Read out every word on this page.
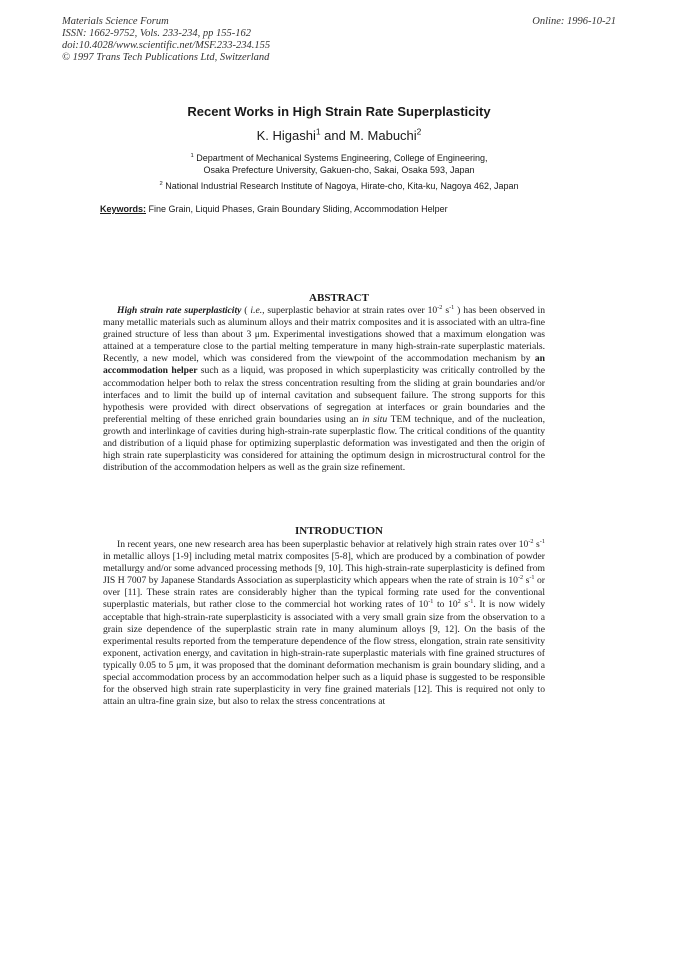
Materials Science Forum
ISSN: 1662-9752, Vols. 233-234, pp 155-162
doi:10.4028/www.scientific.net/MSF.233-234.155
© 1997 Trans Tech Publications Ltd, Switzerland
Online: 1996-10-21
Recent Works in High Strain Rate Superplasticity
K. Higashi$^1$ and M. Mabuchi$^2$
$^1$ Department of Mechanical Systems Engineering, College of Engineering,
Osaka Prefecture University, Gakuen-cho, Sakai, Osaka 593, Japan
$^2$ National Industrial Research Institute of Nagoya, Hirate-cho, Kita-ku, Nagoya 462, Japan
Keywords: Fine Grain, Liquid Phases, Grain Boundary Sliding, Accommodation Helper
ABSTRACT

High strain rate superplasticity ( i.e., superplastic behavior at strain rates over $10^{-2}$ $s^{-1}$ ) has been observed in many metallic materials such as aluminum alloys and their matrix composites and it is associated with an ultra-fine grained structure of less than about 3 μm. Experimental investigations showed that a maximum elongation was attained at a temperature close to the partial melting temperature in many high-strain-rate superplastic materials. Recently, a new model, which was considered from the viewpoint of the accommodation mechanism by an accommodation helper such as a liquid, was proposed in which superplasticity was critically controlled by the accommodation helper both to relax the stress concentration resulting from the sliding at grain boundaries and/or interfaces and to limit the build up of internal cavitation and subsequent failure. The strong supports for this hypothesis were provided with direct observations of segregation at interfaces or grain boundaries and the preferential melting of these enriched grain boundaries using an in situ TEM technique, and of the nucleation, growth and interlinkage of cavities during high-strain-rate superplastic flow. The critical conditions of the quantity and distribution of a liquid phase for optimizing superplastic deformation was investigated and then the origin of high strain rate superplasticity was considered for attaining the optimum design in microstructural control for the distribution of the accommodation helpers as well as the grain size refinement.

INTRODUCTION

In recent years, one new research area has been superplastic behavior at relatively high strain rates over $10^{-2}$ $s^{-1}$ in metallic alloys [1-9] including metal matrix composites [5-8], which are produced by a combination of powder metallurgy and/or some advanced processing methods [9, 10]. This high-strain-rate superplasticity is defined from JIS H 7007 by Japanese Standards Association as superplasticity which appears when the rate of strain is $10^{-2}$ $s^{-1}$ or over [11]. These strain rates are considerably higher than the typical forming rate used for the conventional superplastic materials, but rather close to the commercial hot working rates of $10^{-1}$ to $10^2$ $s^{-1}$. It is now widely acceptable that high-strain-rate superplasticity is associated with a very small grain size from the observation to a grain size dependence of the superplastic strain rate in many aluminum alloys [9, 12]. On the basis of the experimental results reported from the temperature dependence of the flow stress, elongation, strain rate sensitivity exponent, activation energy, and cavitation in high-strain-rate superplastic materials with fine grained structures of typically 0.05 to 5 μm, it was proposed that the dominant deformation mechanism is grain boundary sliding, and a special accommodation process by an accommodation helper such as a liquid phase is suggested to be responsible for the observed high strain rate superplasticity in very fine grained materials [12]. This is required not only to attain an ultra-fine grain size, but also to relax the stress concentrations at
